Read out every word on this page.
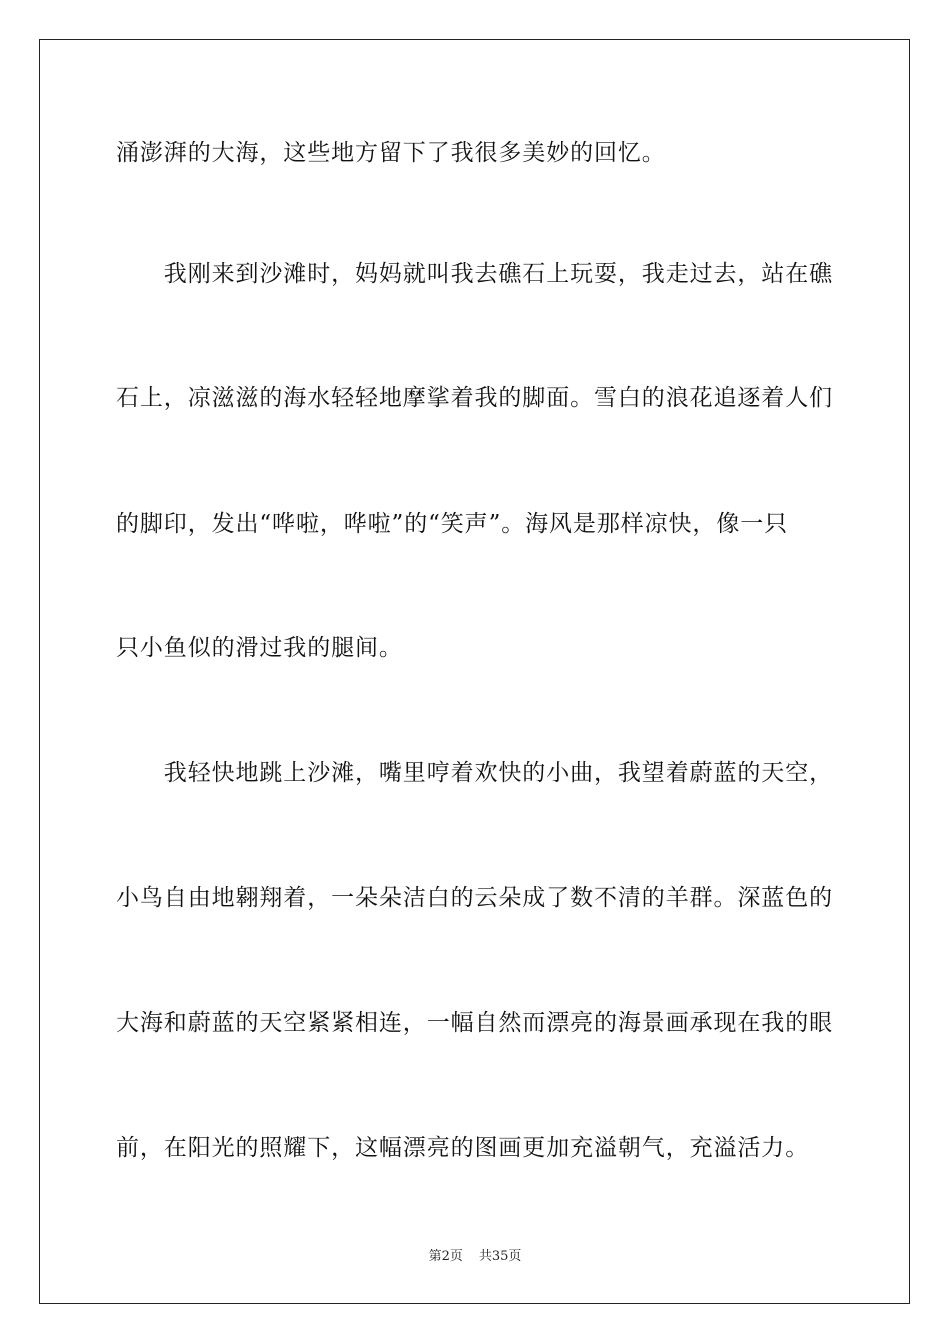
涌澎湃的大海，这些地方留下了我很多美妙的回忆。
　　我刚来到沙滩时，妈妈就叫我去礁石上玩耍，我走过去，站在礁
石上，凉滋滋的海水轻轻地摩挲着我的脚面。雪白的浪花追逐着人们
的脚印，发出“哗啦，哗啦”的“笑声”。海风是那样凉快，像一只
只小鱼似的滑过我的腿间。
　　我轻快地跳上沙滩，嘴里哼着欢快的小曲，我望着蔚蓝的天空，
小鸟自由地翱翔着，一朵朵洁白的云朵成了数不清的羊群。深蓝色的
大海和蔚蓝的天空紧紧相连，一幅自然而漂亮的海景画承现在我的眼
前，在阳光的照耀下，这幅漂亮的图画更加充溢朝气，充溢活力。
第2页 共35页
